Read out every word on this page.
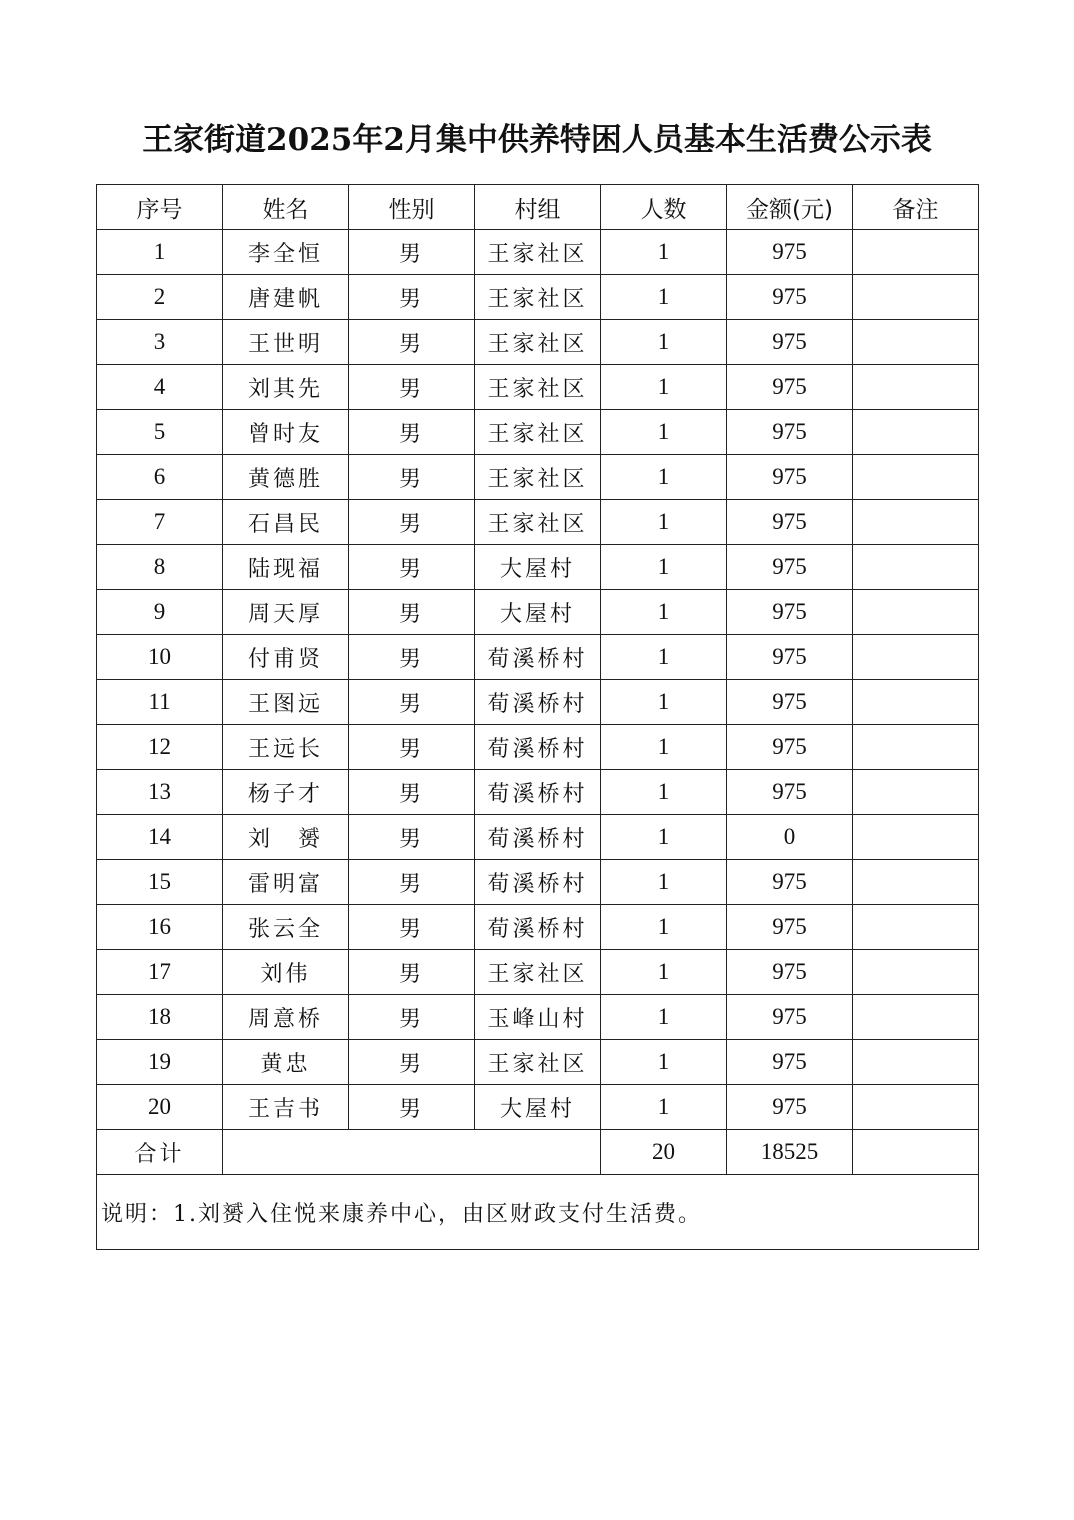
王家街道2025年2月集中供养特困人员基本生活费公示表
序号	姓名	性别	村组	人数	金额(元)	备注
1	李全恒	男	王家社区	1	975	
2	唐建帆	男	王家社区	1	975	
3	王世明	男	王家社区	1	975	
4	刘其先	男	王家社区	1	975	
5	曾时友	男	王家社区	1	975	
6	黄德胜	男	王家社区	1	975	
7	石昌民	男	王家社区	1	975	
8	陆现福	男	大屋村	1	975	
9	周天厚	男	大屋村	1	975	
10	付甫贤	男	荀溪桥村	1	975	
11	王图远	男	荀溪桥村	1	975	
12	王远长	男	荀溪桥村	1	975	
13	杨子才	男	荀溪桥村	1	975	
14	刘　赟	男	荀溪桥村	1	0	
15	雷明富	男	荀溪桥村	1	975	
16	张云全	男	荀溪桥村	1	975	
17	刘伟	男	王家社区	1	975	
18	周意桥	男	玉峰山村	1	975	
19	黄忠	男	王家社区	1	975	
20	王吉书	男	大屋村	1	975	
合计				20	18525	
说明：1.刘赟入住悦来康养中心，由区财政支付生活费。						
